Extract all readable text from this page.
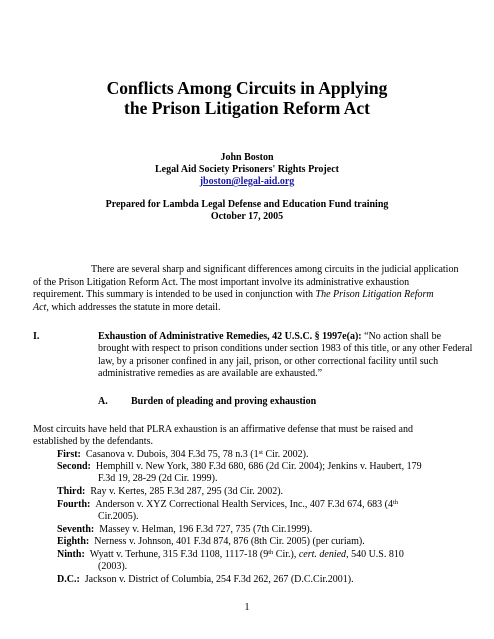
Conflicts Among Circuits in Applying
the Prison Litigation Reform Act
John Boston
Legal Aid Society Prisoners' Rights Project
jboston@legal-aid.org
Prepared for Lambda Legal Defense and Education Fund training
October 17, 2005
There are several sharp and significant differences among circuits in the judicial application
of the Prison Litigation Reform Act. The most important involve its administrative exhaustion
requirement. This summary is intended to be used in conjunction with The Prison Litigation Reform
Act, which addresses the statute in more detail.
I.	Exhaustion of Administrative Remedies, 42 U.S.C. § 1997e(a): “No action shall be
brought with respect to prison conditions under section 1983 of this title, or any other Federal
law, by a prisoner confined in any jail, prison, or other correctional facility until such
administrative remedies as are available are exhausted.”
A. Burden of pleading and proving exhaustion
Most circuits have held that PLRA exhaustion is an affirmative defense that must be raised and
established by the defendants.
First: Casanova v. Dubois, 304 F.3d 75, 78 n.3 (1st Cir. 2002).
Second: Hemphill v. New York, 380 F.3d 680, 686 (2d Cir. 2004); Jenkins v. Haubert, 179
F.3d 19, 28-29 (2d Cir. 1999).
Third: Ray v. Kertes, 285 F.3d 287, 295 (3d Cir. 2002).
Fourth: Anderson v. XYZ Correctional Health Services, Inc., 407 F.3d 674, 683 (4th
Cir.2005).
Seventh: Massey v. Helman, 196 F.3d 727, 735 (7th Cir.1999).
Eighth: Nerness v. Johnson, 401 F.3d 874, 876 (8th Cir. 2005) (per curiam).
Ninth: Wyatt v. Terhune, 315 F.3d 1108, 1117-18 (9th Cir.), cert. denied, 540 U.S. 810
(2003).
D.C.: Jackson v. District of Columbia, 254 F.3d 262, 267 (D.C.Cir.2001).
1
